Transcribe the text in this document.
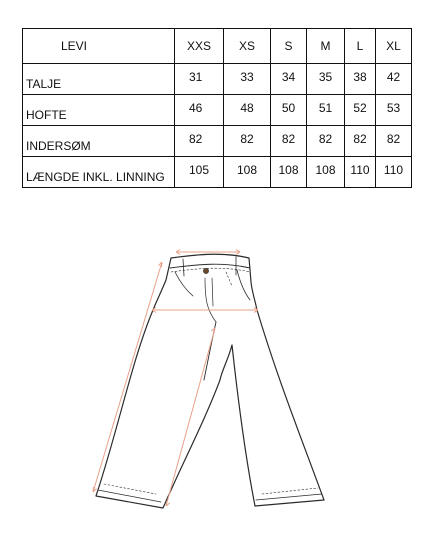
LEVI	XXS	XS	S	M	L	XL
TALJE	31	33	34	35	38	42
HOFTE	46	48	50	51	52	53
INDERSØM	82	82	82	82	82	82
LÆNGDE INKL. LINNING	105	108	108	108	110	110
